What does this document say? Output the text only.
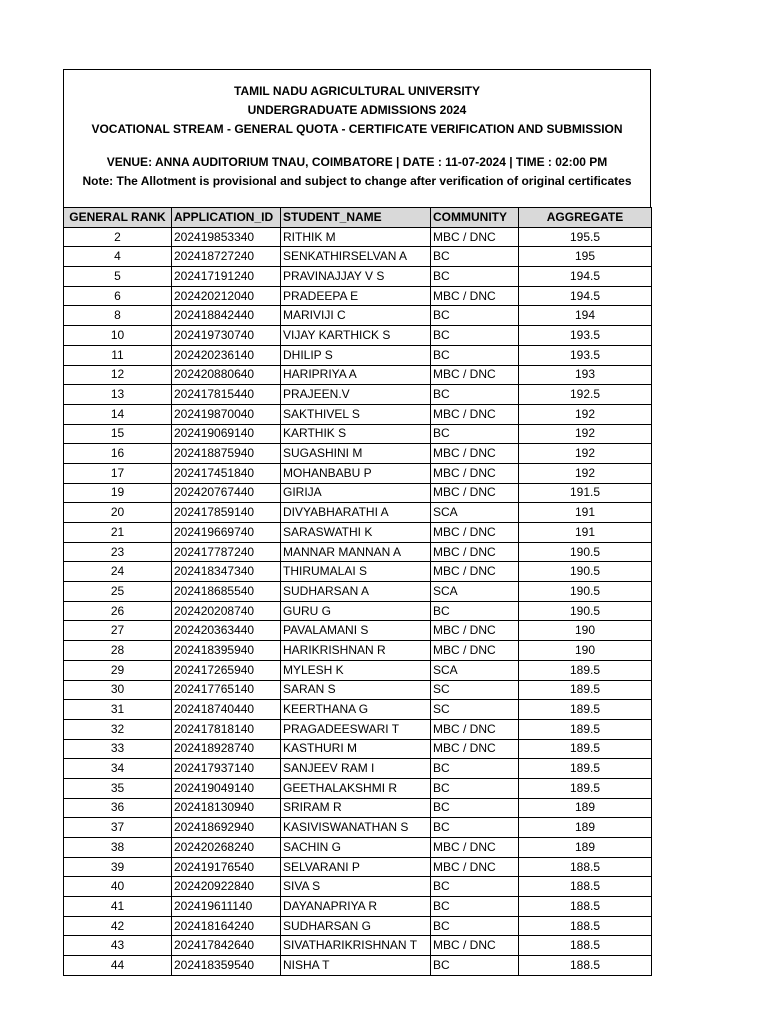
TAMIL NADU AGRICULTURAL UNIVERSITY
UNDERGRADUATE ADMISSIONS 2024
VOCATIONAL STREAM - GENERAL QUOTA - CERTIFICATE VERIFICATION AND SUBMISSION
VENUE: ANNA AUDITORIUM TNAU, COIMBATORE | DATE : 11-07-2024 | TIME : 02:00 PM
Note: The Allotment is provisional and subject to change after verification of original certificates
GENERAL RANK	APPLICATION_ID	STUDENT_NAME	COMMUNITY	AGGREGATE
2	202419853340	RITHIK M	MBC / DNC	195.5
4	202418727240	SENKATHIRSELVAN A	BC	195
5	202417191240	PRAVINAJJAY V S	BC	194.5
6	202420212040	PRADEEPA E	MBC / DNC	194.5
8	202418842440	MARIVIJI C	BC	194
10	202419730740	VIJAY KARTHICK S	BC	193.5
11	202420236140	DHILIP S	BC	193.5
12	202420880640	HARIPRIYA A	MBC / DNC	193
13	202417815440	PRAJEEN.V	BC	192.5
14	202419870040	SAKTHIVEL S	MBC / DNC	192
15	202419069140	KARTHIK S	BC	192
16	202418875940	SUGASHINI M	MBC / DNC	192
17	202417451840	MOHANBABU P	MBC / DNC	192
19	202420767440	GIRIJA	MBC / DNC	191.5
20	202417859140	DIVYABHARATHI A	SCA	191
21	202419669740	SARASWATHI K	MBC / DNC	191
23	202417787240	MANNAR MANNAN A	MBC / DNC	190.5
24	202418347340	THIRUMALAI S	MBC / DNC	190.5
25	202418685540	SUDHARSAN A	SCA	190.5
26	202420208740	GURU G	BC	190.5
27	202420363440	PAVALAMANI S	MBC / DNC	190
28	202418395940	HARIKRISHNAN R	MBC / DNC	190
29	202417265940	MYLESH K	SCA	189.5
30	202417765140	SARAN S	SC	189.5
31	202418740440	KEERTHANA G	SC	189.5
32	202417818140	PRAGADEESWARI T	MBC / DNC	189.5
33	202418928740	KASTHURI M	MBC / DNC	189.5
34	202417937140	SANJEEV RAM I	BC	189.5
35	202419049140	GEETHALAKSHMI R	BC	189.5
36	202418130940	SRIRAM R	BC	189
37	202418692940	KASIVISWANATHAN S	BC	189
38	202420268240	SACHIN G	MBC / DNC	189
39	202419176540	SELVARANI P	MBC / DNC	188.5
40	202420922840	SIVA S	BC	188.5
41	202419611140	DAYANAPRIYA R	BC	188.5
42	202418164240	SUDHARSAN G	BC	188.5
43	202417842640	SIVATHARIKRISHNAN T	MBC / DNC	188.5
44	202418359540	NISHA T	BC	188.5
